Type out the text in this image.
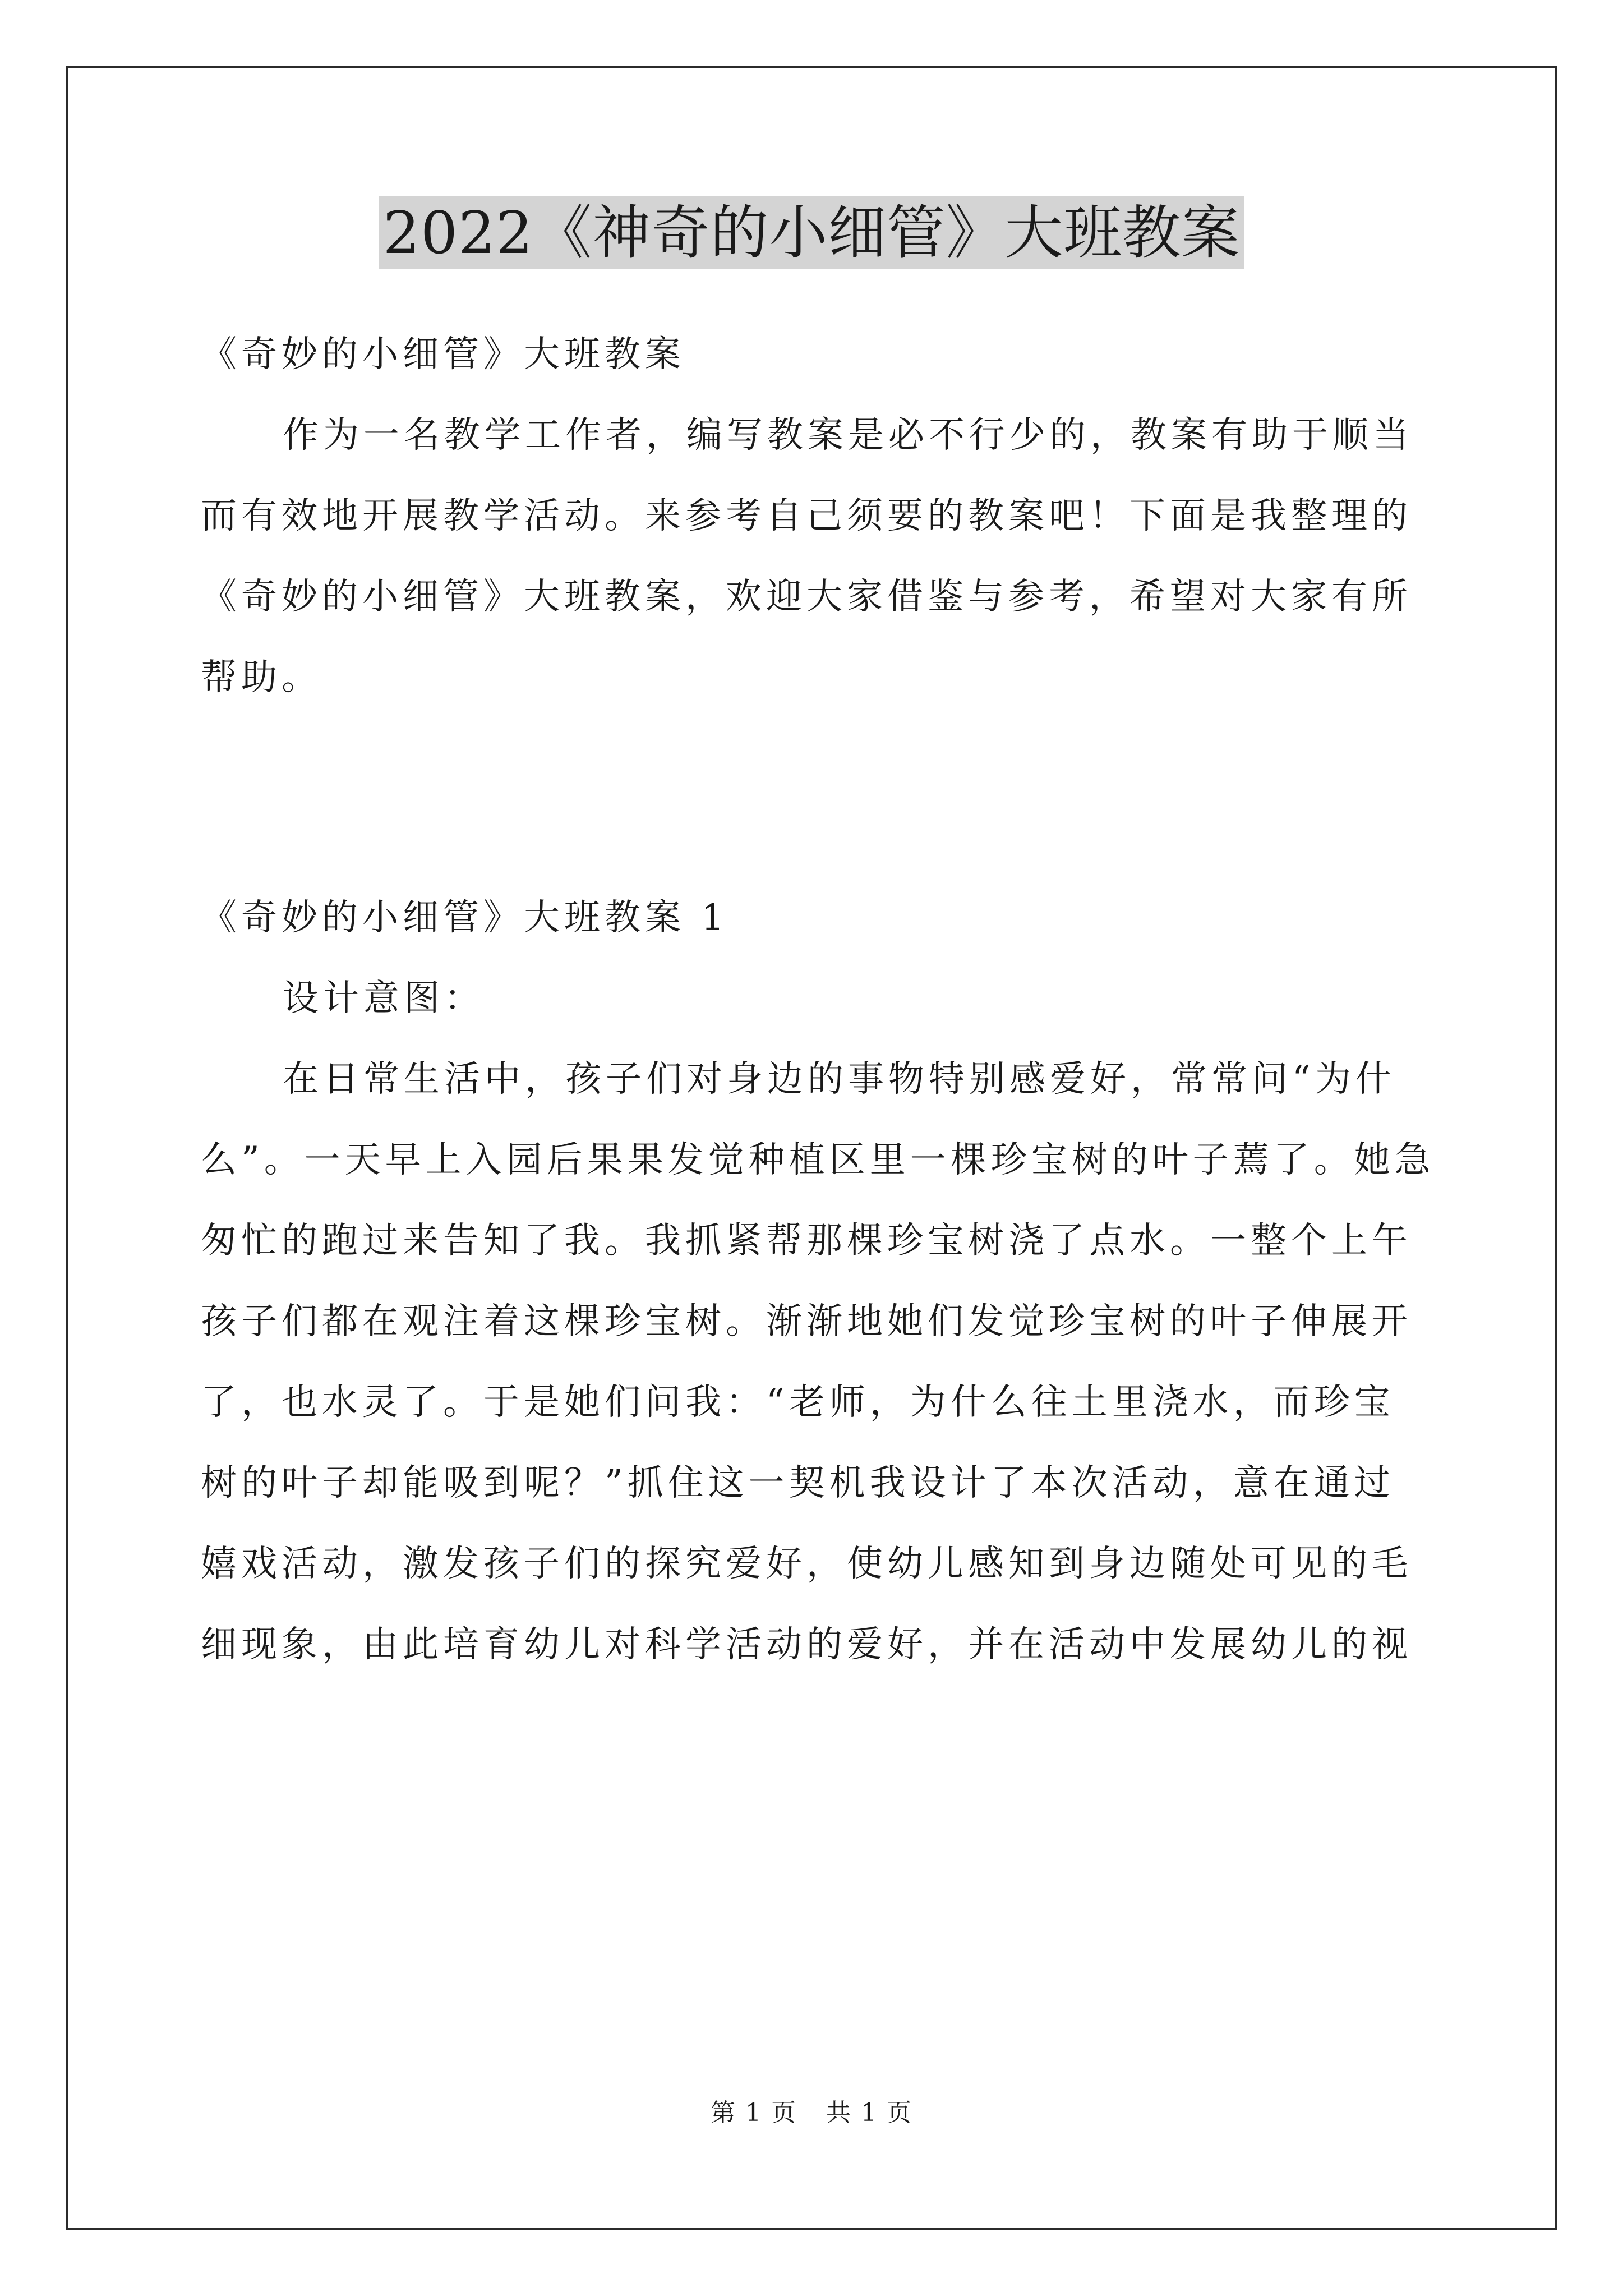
2022《神奇的小细管》大班教案

《奇妙的小细管》大班教案

作为一名教学工作者，编写教案是必不行少的，教案有助于顺当
而有效地开展教学活动。来参考自己须要的教案吧！下面是我整理的
《奇妙的小细管》大班教案，欢迎大家借鉴与参考，希望对大家有所
帮助。

《奇妙的小细管》大班教案 1

设计意图：

在日常生活中，孩子们对身边的事物特别感爱好，常常问“为什
么”。一天早上入园后果果发觉种植区里一棵珍宝树的叶子蔫了。她急
匆忙的跑过来告知了我。我抓紧帮那棵珍宝树浇了点水。一整个上午
孩子们都在观注着这棵珍宝树。渐渐地她们发觉珍宝树的叶子伸展开
了，也水灵了。于是她们问我：“老师，为什么往土里浇水，而珍宝
树的叶子却能吸到呢？”抓住这一契机我设计了本次活动，意在通过
嬉戏活动，激发孩子们的探究爱好，使幼儿感知到身边随处可见的毛
细现象，由此培育幼儿对科学活动的爱好，并在活动中发展幼儿的视

第 1 页 共 1 页
